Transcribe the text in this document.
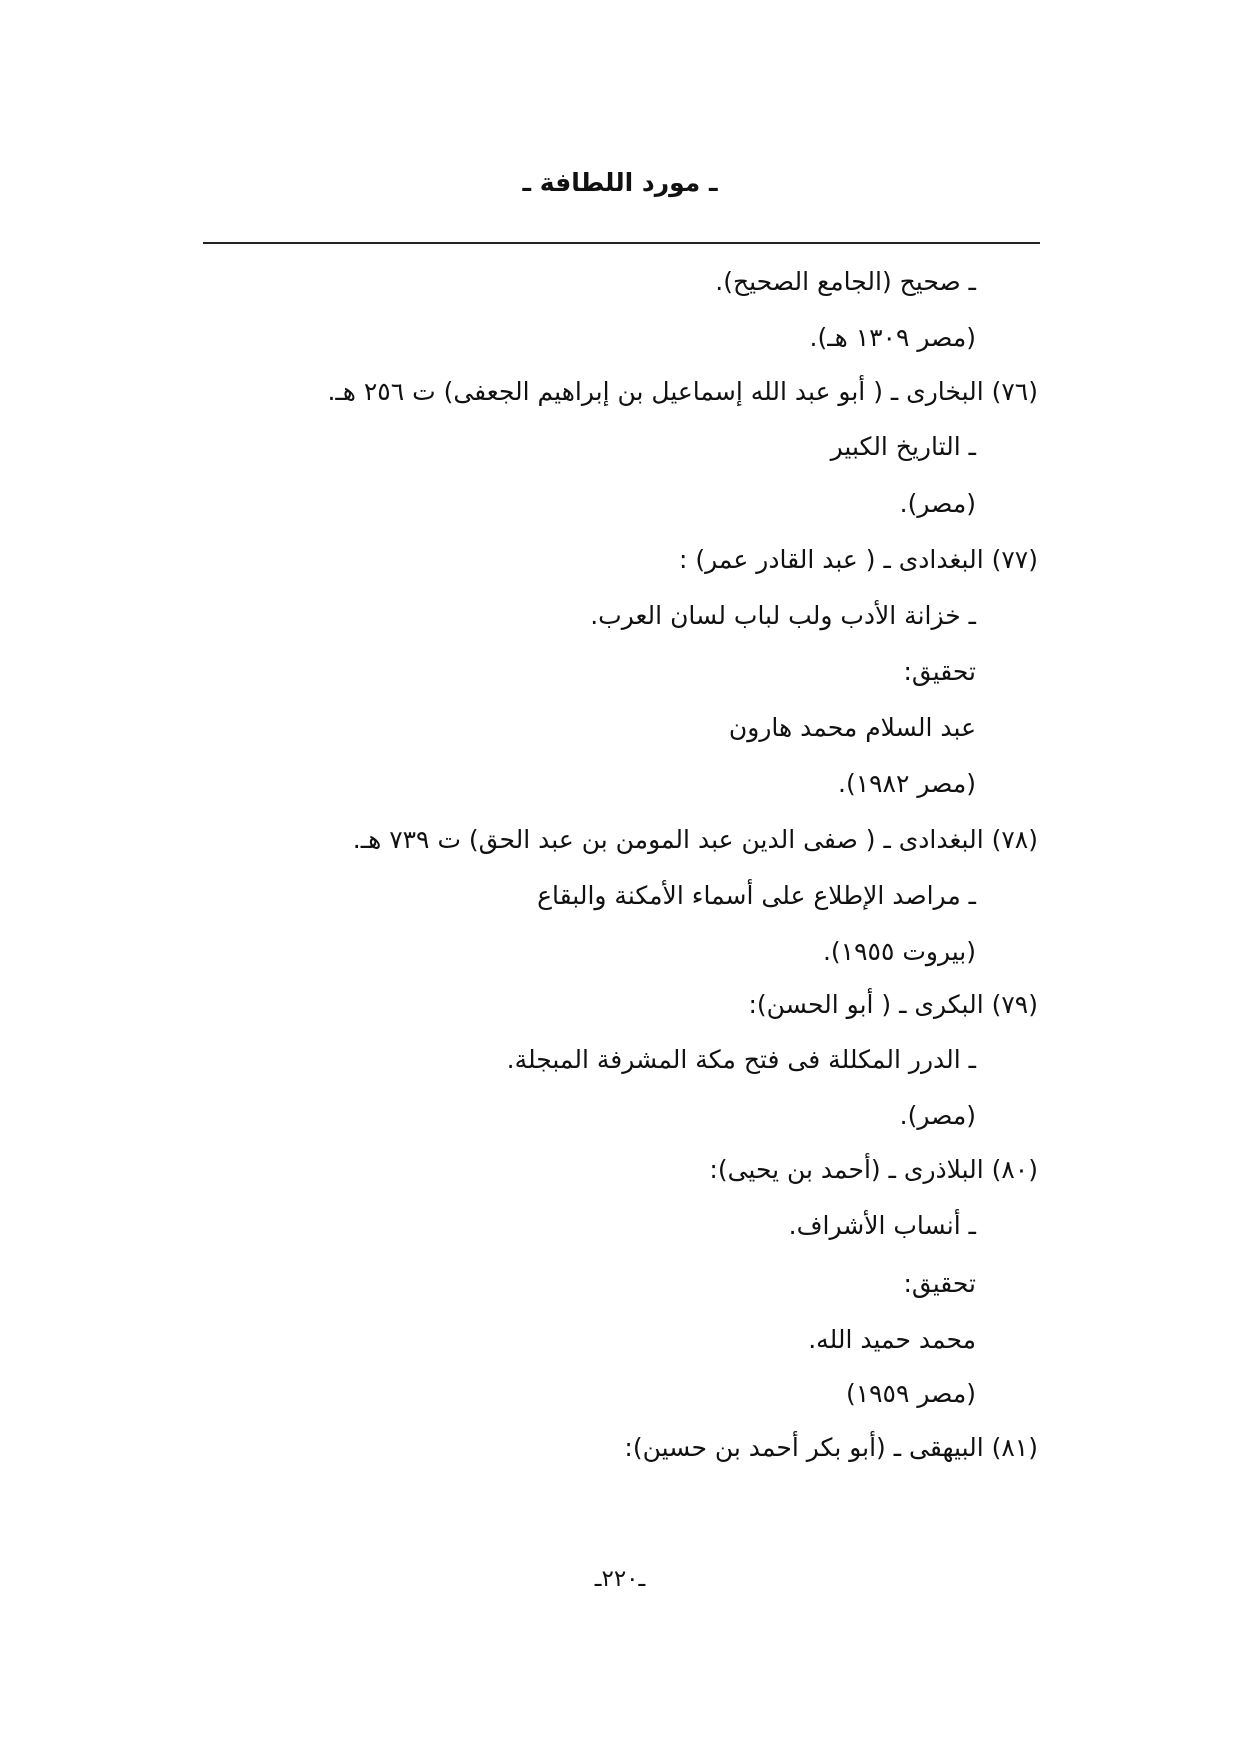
ـ مورد اللطافة ـ
ـ صحيح (الجامع الصحيح).
(مصر ١٣٠٩ هـ).
(٧٦) البخارى ـ ( أبو عبد الله إسماعيل بن إبراهيم الجعفى) ت ٢٥٦ هـ.
ـ التاريخ الكبير
(مصر).
(٧٧) البغدادى ـ ( عبد القادر عمر) :
ـ خزانة الأدب ولب لباب لسان العرب.
تحقيق:
عبد السلام محمد هارون
(مصر ١٩٨٢).
(٧٨) البغدادى ـ ( صفى الدين عبد المومن بن عبد الحق) ت ٧٣٩ هـ.
ـ مراصد الإطلاع على أسماء الأمكنة والبقاع
(بيروت ١٩٥٥).
(٧٩) البكرى ـ ( أبو الحسن):
ـ الدرر المكللة فى فتح مكة المشرفة المبجلة.
(مصر).
(٨٠) البلاذرى ـ (أحمد بن يحيى):
ـ أنساب الأشراف.
تحقيق:
محمد حميد الله.
(مصر ١٩٥٩)
(٨١) البيهقى ـ (أبو بكر أحمد بن حسين):
ـ٢٢٠ـ
